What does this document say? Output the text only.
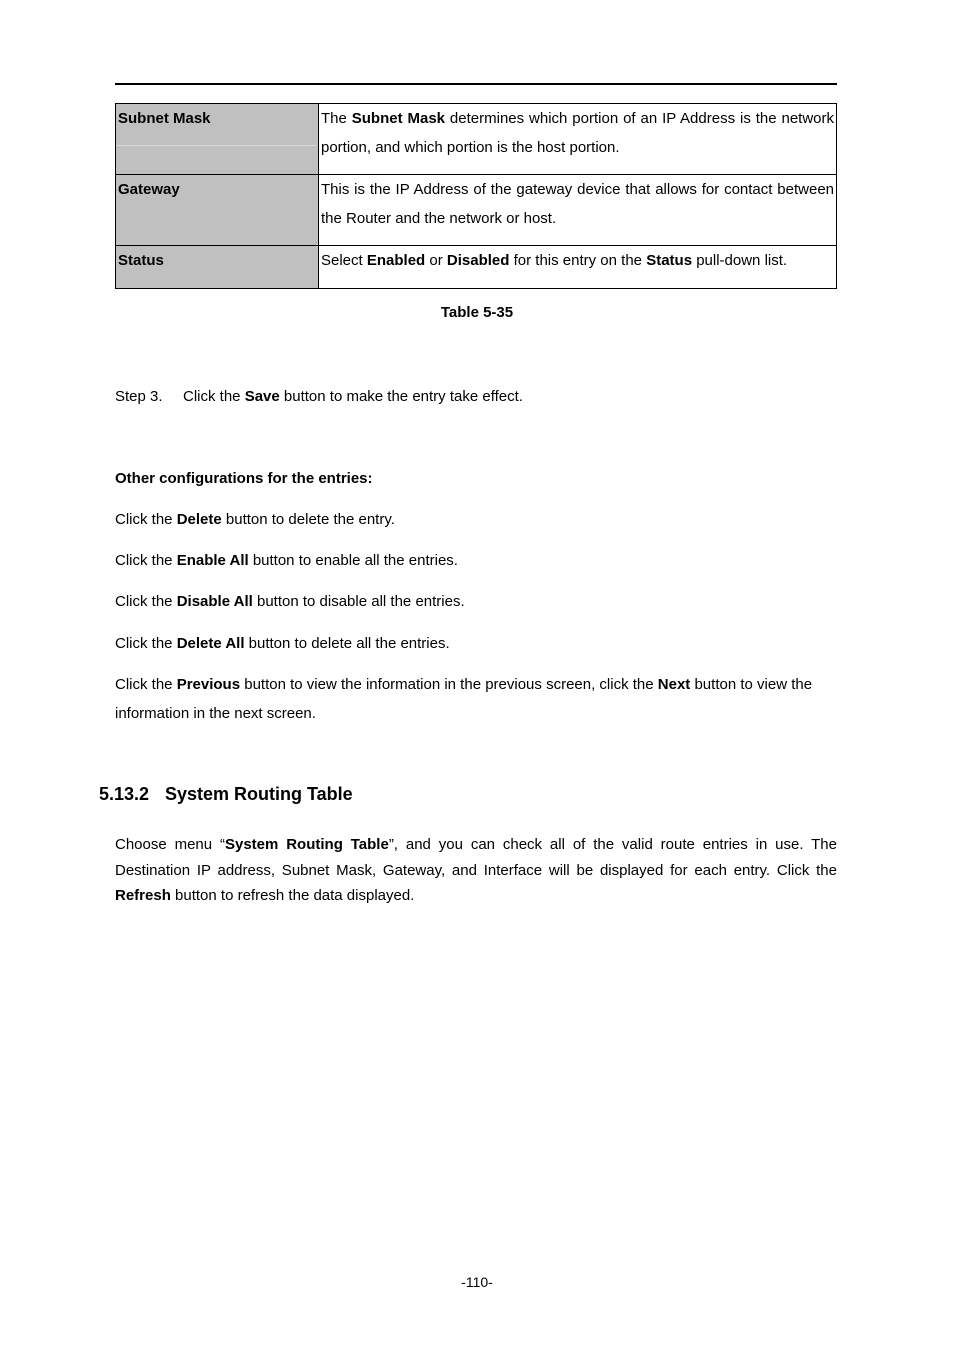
Subnet Mask	The Subnet Mask determines which portion of an IP Address is the network portion, and which portion is the host portion.
Gateway	This is the IP Address of the gateway device that allows for contact between the Router and the network or host.
Status	Select Enabled or Disabled for this entry on the Status pull-down list.
Table 5-35
Step 3. Click the Save button to make the entry take effect.
Other configurations for the entries:
Click the Delete button to delete the entry.
Click the Enable All button to enable all the entries.
Click the Disable All button to disable all the entries.
Click the Delete All button to delete all the entries.
Click the Previous button to view the information in the previous screen, click the Next button to view the information in the next screen.
5.13.2 System Routing Table
Choose menu “System Routing Table”, and you can check all of the valid route entries in use. The Destination IP address, Subnet Mask, Gateway, and Interface will be displayed for each entry. Click the Refresh button to refresh the data displayed.
-110-
